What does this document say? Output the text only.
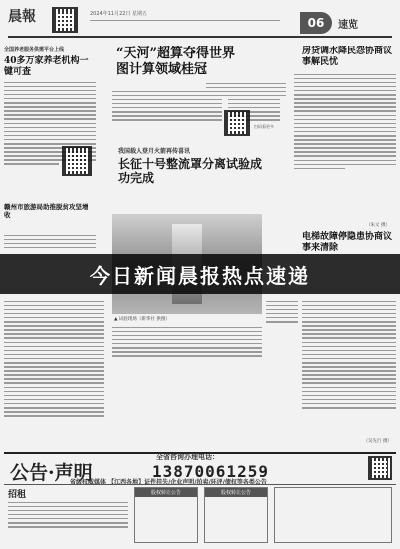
晨報	2024年11月22日 星期五
06	速览
全国养老服务供需平台上线
40多万家养老机构一键可查
赣州市旅游局助推脱贫攻坚增收
“天河”超算夺得世界图计算领域桂冠
扫码看更多
我国载人登月火箭再传喜讯
长征十号整流罩分离试验成功完成
▲ 试验现场（新华社 供图）
房贷调水降民怨协商议事解民忧
（朱文 摄）
电梯故障停隐患协商议事来清除
（吴先行 摄）
公告·声明
全省咨询办理电话：
13870061259
省级权威媒体 【江西各地】证件挂失/企业声明/拍卖/环评/债权等各类公告
招租	股权转让公告	股权转让公告
今日新闻晨报热点速递
